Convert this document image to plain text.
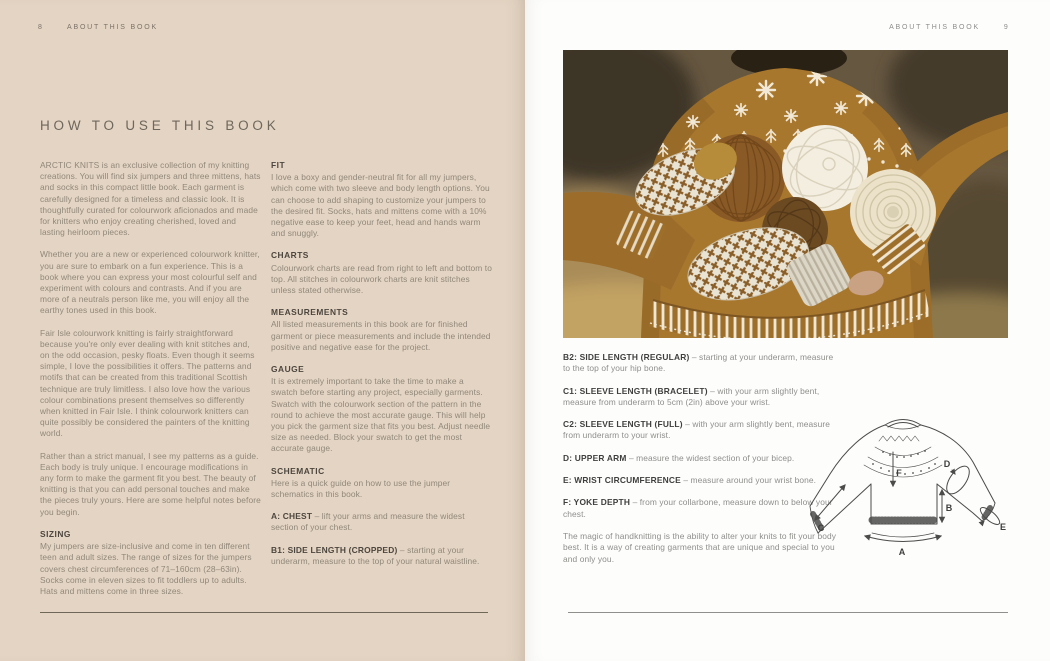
8	ABOUT THIS BOOK
HOW TO USE THIS BOOK

ARCTIC KNITS is an exclusive collection of my knitting creations. You will find six jumpers and three mittens, hats and socks in this compact little book. Each garment is carefully designed for a timeless and classic look. It is thoughtfully curated for colourwork aficionados and made for knitters who enjoy creating cherished, loved and lasting heirloom pieces.

Whether you are a new or experienced colourwork knitter, you are sure to embark on a fun experience. This is a book where you can express your most colourful self and experiment with colours and contrasts. And if you are more of a neutrals person like me, you will enjoy all the earthy tones used in this book.

Fair Isle colourwork knitting is fairly straightforward because you're only ever dealing with knit stitches and, on the odd occasion, pesky floats. Even though it seems simple, I love the possibilities it offers. The patterns and motifs that can be created from this traditional Scottish technique are truly limitless. I also love how the various colour combinations present themselves so differently when knitted in Fair Isle. I think colourwork knitters can quite possibly be considered the painters of the knitting world.

Rather than a strict manual, I see my patterns as a guide. Each body is truly unique. I encourage modifications in any form to make the garment fit you best. The beauty of knitting is that you can add personal touches and make the pieces truly yours. Here are some helpful notes before you begin.

SIZING

My jumpers are size-inclusive and come in ten different teen and adult sizes. The range of sizes for the jumpers covers chest circumferences of 71–160cm (28–63in). Socks come in eleven sizes to fit toddlers up to adults. Hats and mittens come in three sizes.

FIT

I love a boxy and gender-neutral fit for all my jumpers, which come with two sleeve and body length options. You can choose to add shaping to customize your jumpers to the desired fit. Socks, hats and mittens come with a 10% negative ease to keep your feet, head and hands warm and snuggly.

CHARTS

Colourwork charts are read from right to left and bottom to top. All stitches in colourwork charts are knit stitches unless stated otherwise.

MEASUREMENTS

All listed measurements in this book are for finished garment or piece measurements and include the intended positive and negative ease for the project.

GAUGE

It is extremely important to take the time to make a swatch before starting any project, especially garments. Swatch with the colourwork section of the pattern in the round to achieve the most accurate gauge. This will help you pick the garment size that fits you best. Adjust needle size as needed. Block your swatch to get the most accurate gauge.

SCHEMATIC

Here is a quick guide on how to use the jumper schematics in this book.

A: CHEST – lift your arms and measure the widest section of your chest.

B1: SIDE LENGTH (CROPPED) – starting at your underarm, measure to the top of your natural waistline.

ABOUT THIS BOOK	9

B2: SIDE LENGTH (REGULAR) – starting at your underarm, measure to the top of your hip bone.

C1: SLEEVE LENGTH (BRACELET) – with your arm slightly bent, measure from underarm to 5cm (2in) above your wrist.

C2: SLEEVE LENGTH (FULL) – with your arm slightly bent, measure from underarm to your wrist.

D: UPPER ARM – measure the widest section of your bicep.

E: WRIST CIRCUMFERENCE – measure around your wrist bone.

F: YOKE DEPTH – from your collarbone, measure down to below your chest.

The magic of handknitting is the ability to alter your knits to fit your body best. It is a way of creating garments that are unique and special to you and only you.

A
B
C
D
E
F
